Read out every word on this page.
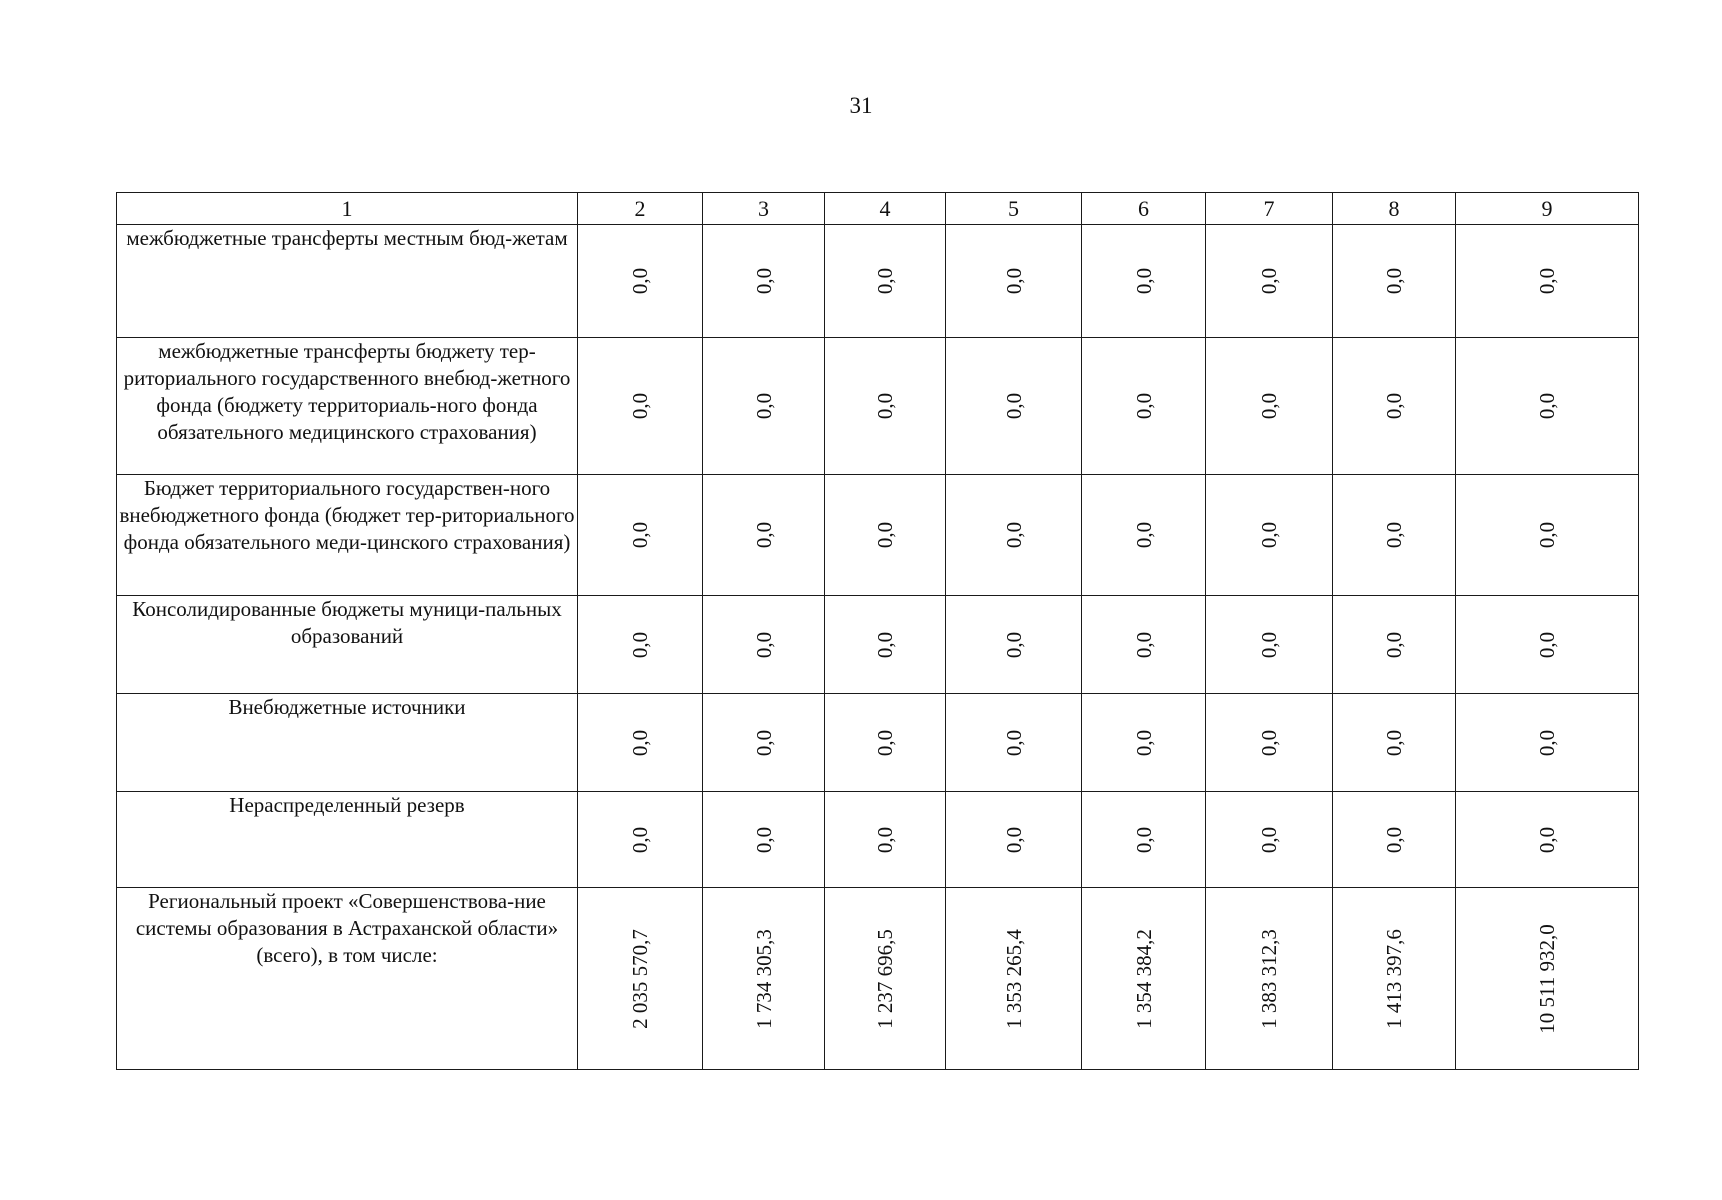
31
1	2	3	4	5	6	7	8	9
межбюджетные трансферты местным бюд-жетам	0,0	0,0	0,0	0,0	0,0	0,0	0,0	0,0

межбюджетные трансферты бюджету тер-риториального государственного внебюд-жетного фонда (бюджету территориаль-ного фонда обязательного медицинского страхования)	0,0	0,0	0,0	0,0	0,0	0,0	0,0	0,0

Бюджет территориального государствен-ного внебюджетного фонда (бюджет тер-риториального фонда обязательного меди-цинского страхования)	0,0	0,0	0,0	0,0	0,0	0,0	0,0	0,0

Консолидированные бюджеты муници-пальных образований	0,0	0,0	0,0	0,0	0,0	0,0	0,0	0,0

Внебюджетные источники	0,0	0,0	0,0	0,0	0,0	0,0	0,0	0,0

Нераспределенный резерв	0,0	0,0	0,0	0,0	0,0	0,0	0,0	0,0

Региональный проект «Совершенствова-ние системы образования в Астраханской области» (всего), в том числе:	2 035 570,7	1 734 305,3	1 237 696,5	1 353 265,4	1 354 384,2	1 383 312,3	1 413 397,6	10 511 932,0
